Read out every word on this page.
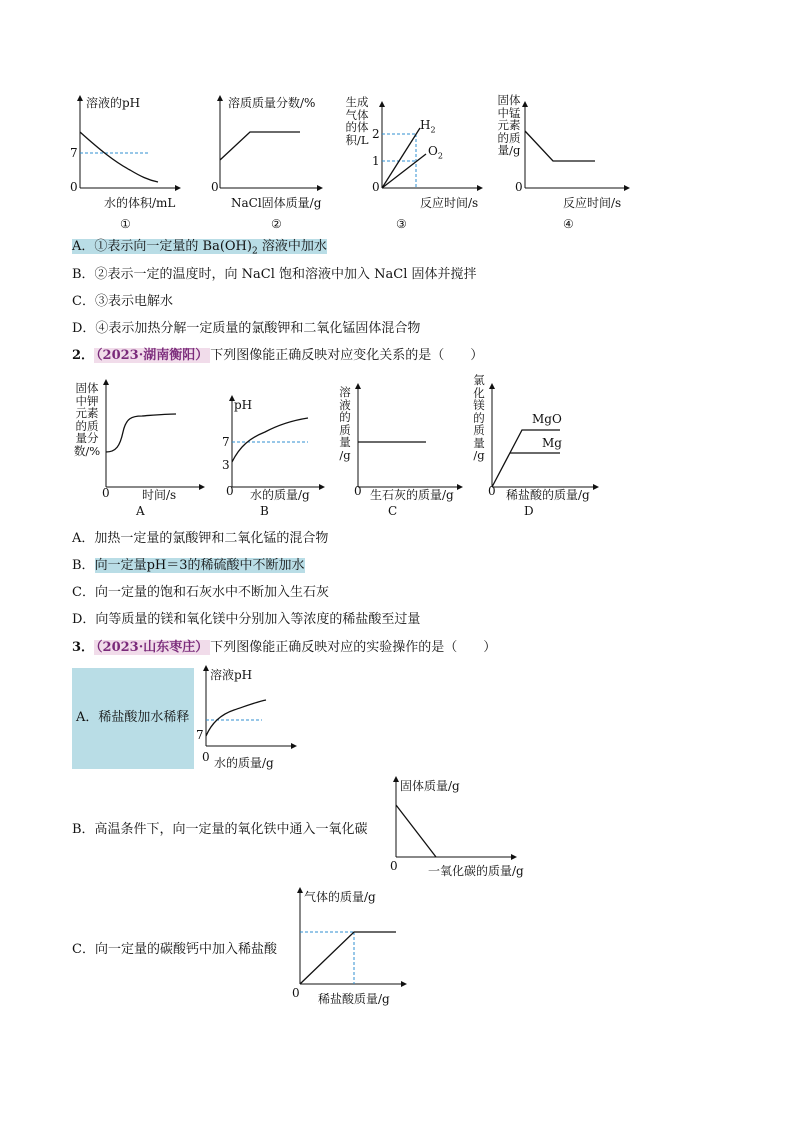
溶液的pH
7
0
水的体积/mL
①
溶质质量分数/%
0
NaCl固体质量/g
②
生成
气体
的体
积/L 2
1
0
$H_2$
$O_2$
反应时间/s
③
固体
中锰
元素
的质
量/g
0
反应时间/s
④
A．①表示向一定量的 $Ba(OH)_2$ 溶液中加水
B．②表示一定的温度时，向 NaCl 饱和溶液中加入 NaCl 固体并搅拌
C．③表示电解水
D．④表示加热分解一定质量的氯酸钾和二氧化锰固体混合物
2． （2023·湖南衡阳） 下列图像能正确反映对应变化关系的是（　　）
固体
中钾
元素
的质
量分
数/%
0	时间/s
A
pH
7
3
0 水的质量/g
B
溶
液
的
质
量
/g
0 生石灰的质量/g
C
氯
化
镁
的
质
量
/g
MgO
Mg
0 稀盐酸的质量/g
D
A．加热一定量的氯酸钾和二氧化锰的混合物
B．向一定量pH＝3的稀硫酸中不断加水
C．向一定量的饱和石灰水中不断加入生石灰
D．向等质量的镁和氧化镁中分别加入等浓度的稀盐酸至过量
3． （2023·山东枣庄） 下列图像能正确反映对应的实验操作的是（　　）
A．稀盐酸加水稀释
溶液pH
7
0 水的质量/g
B．高温条件下，向一定量的氧化铁中通入一氧化碳
固体质量/g
0	一氧化碳的质量/g
C．向一定量的碳酸钙中加入稀盐酸
气体的质量/g
0 稀盐酸质量/g
